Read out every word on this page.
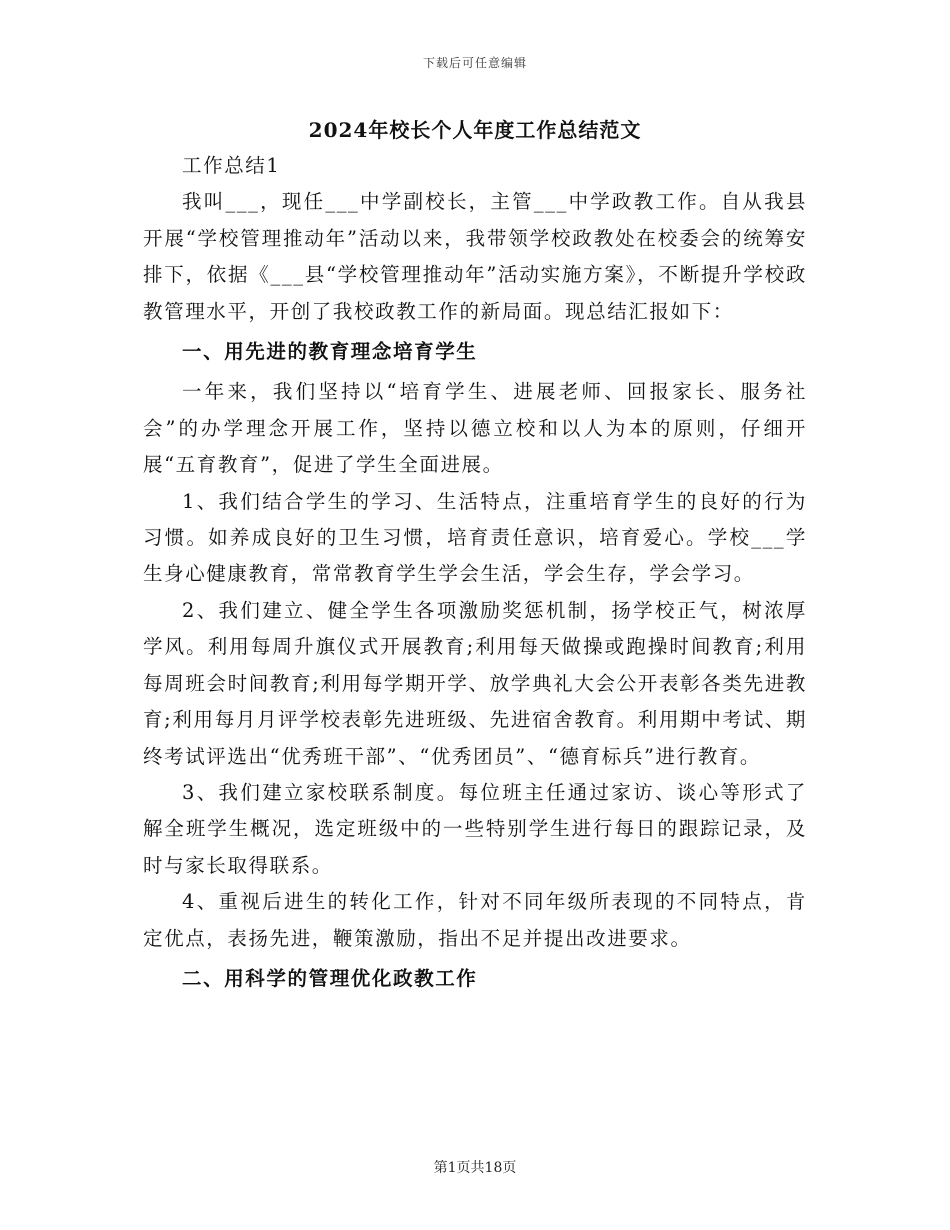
下载后可任意编辑
2024年校长个人年度工作总结范文

工作总结1

我叫___，现任___中学副校长，主管___中学政教工作。自从我县开展“学校管理推动年”活动以来，我带领学校政教处在校委会的统筹安排下，依据《___县“学校管理推动年”活动实施方案》，不断提升学校政教管理水平，开创了我校政教工作的新局面。现总结汇报如下：

一、用先进的教育理念培育学生

一年来，我们坚持以“培育学生、进展老师、回报家长、服务社会”的办学理念开展工作，坚持以德立校和以人为本的原则，仔细开展“五育教育”，促进了学生全面进展。

1、我们结合学生的学习、生活特点，注重培育学生的良好的行为习惯。如养成良好的卫生习惯，培育责任意识，培育爱心。学校___学生身心健康教育，常常教育学生学会生活，学会生存，学会学习。

2、我们建立、健全学生各项激励奖惩机制，扬学校正气，树浓厚学风。利用每周升旗仪式开展教育;利用每天做操或跑操时间教育;利用每周班会时间教育;利用每学期开学、放学典礼大会公开表彰各类先进教育;利用每月月评学校表彰先进班级、先进宿舍教育。利用期中考试、期终考试评选出“优秀班干部”、“优秀团员”、“德育标兵”进行教育。

3、我们建立家校联系制度。每位班主任通过家访、谈心等形式了解全班学生概况，选定班级中的一些特别学生进行每日的跟踪记录，及时与家长取得联系。

4、重视后进生的转化工作，针对不同年级所表现的不同特点，肯定优点，表扬先进，鞭策激励，指出不足并提出改进要求。

二、用科学的管理优化政教工作

第1页共18页
